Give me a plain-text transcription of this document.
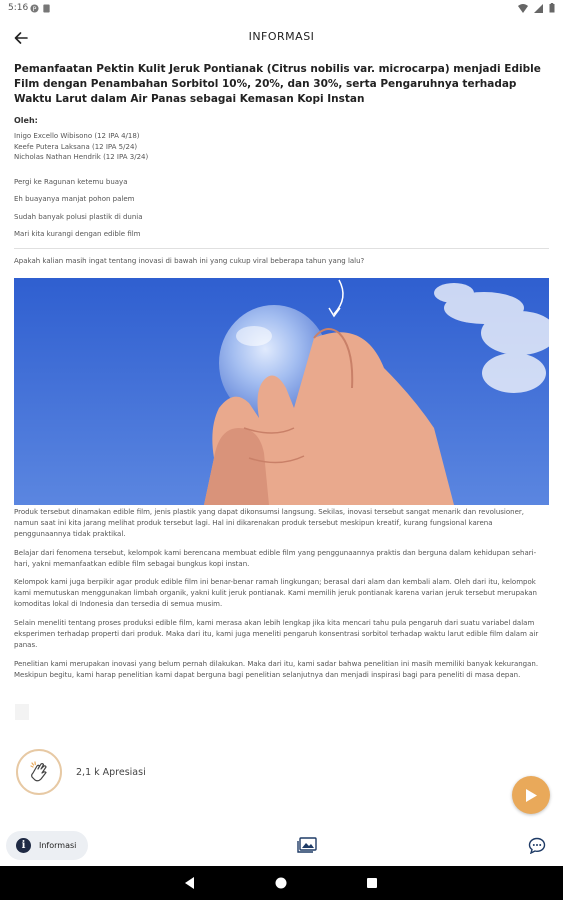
5:16 P
INFORMASI
Pemanfaatan Pektin Kulit Jeruk Pontianak (Citrus nobilis var. microcarpa) menjadi Edible Film dengan Penambahan Sorbitol 10%, 20%, dan 30%, serta Pengaruhnya terhadap Waktu Larut dalam Air Panas sebagai Kemasan Kopi Instan
Oleh:
Inigo Excello Wibisono (12 IPA 4/18)
Keefe Putera Laksana (12 IPA 5/24)
Nicholas Nathan Hendrik (12 IPA 3/24)
Pergi ke Ragunan ketemu buaya
Eh buayanya manjat pohon palem
Sudah banyak polusi plastik di dunia
Mari kita kurangi dengan edible film
Apakah kalian masih ingat tentang inovasi di bawah ini yang cukup viral beberapa tahun yang lalu?
Produk tersebut dinamakan edible film, jenis plastik yang dapat dikonsumsi langsung. Sekilas, inovasi tersebut sangat menarik dan revolusioner, namun saat ini kita jarang melihat produk tersebut lagi. Hal ini dikarenakan produk tersebut meskipun kreatif, kurang fungsional karena penggunaannya tidak praktikal.
Belajar dari fenomena tersebut, kelompok kami berencana membuat edible film yang penggunaannya praktis dan berguna dalam kehidupan sehari-hari, yakni memanfaatkan edible film sebagai bungkus kopi instan.
Kelompok kami juga berpikir agar produk edible film ini benar-benar ramah lingkungan; berasal dari alam dan kembali alam. Oleh dari itu, kelompok kami memutuskan menggunakan limbah organik, yakni kulit jeruk pontianak. Kami memilih jeruk pontianak karena varian jeruk tersebut merupakan komoditas lokal di Indonesia dan tersedia di semua musim.
Selain meneliti tentang proses produksi edible film, kami merasa akan lebih lengkap jika kita mencari tahu pula pengaruh dari suatu variabel dalam eksperimen terhadap properti dari produk. Maka dari itu, kami juga meneliti pengaruh konsentrasi sorbitol terhadap waktu larut edible film dalam air panas.
Penelitian kami merupakan inovasi yang belum pernah dilakukan. Maka dari itu, kami sadar bahwa penelitian ini masih memiliki banyak kekurangan. Meskipun begitu, kami harap penelitian kami dapat berguna bagi penelitian selanjutnya dan menjadi inspirasi bagi para peneliti di masa depan.
2,1 k Apresiasi
i	Informasi
